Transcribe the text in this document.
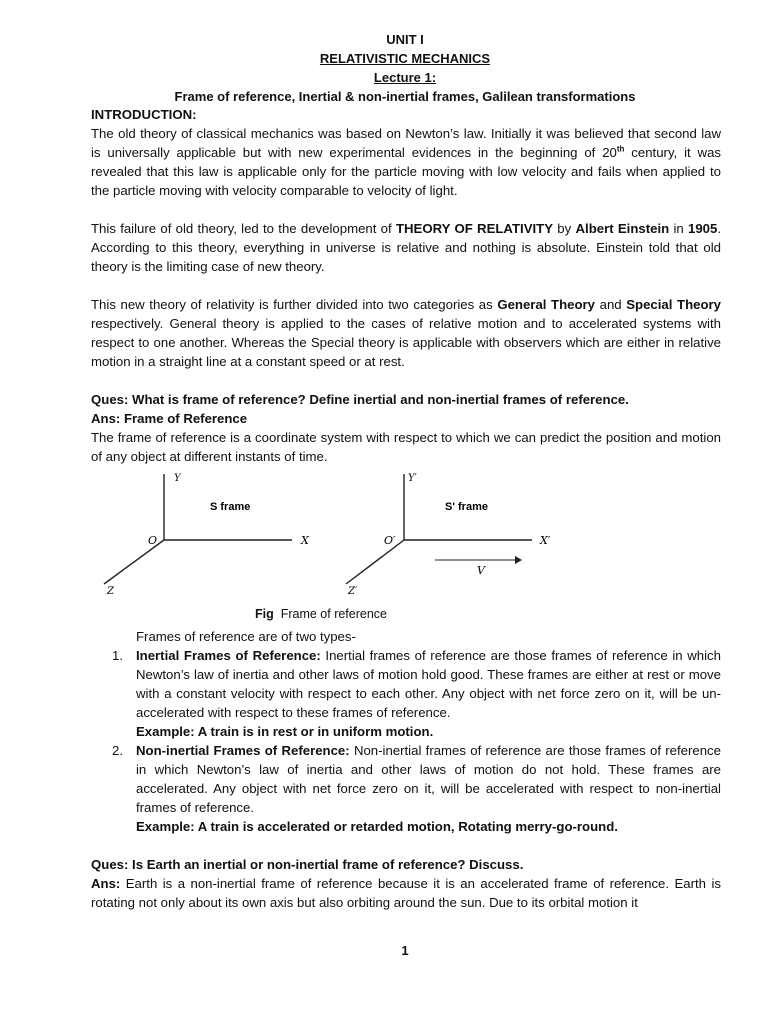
UNIT I
RELATIVISTIC MECHANICS
Lecture 1:
Frame of reference, Inertial & non-inertial frames, Galilean transformations
INTRODUCTION:
The old theory of classical mechanics was based on Newton’s law. Initially it was believed that second law is universally applicable but with new experimental evidences in the beginning of 20th century, it was revealed that this law is applicable only for the particle moving with low velocity and fails when applied to the particle moving with velocity comparable to velocity of light.
This failure of old theory, led to the development of THEORY OF RELATIVITY by Albert Einstein in 1905. According to this theory, everything in universe is relative and nothing is absolute. Einstein told that old theory is the limiting case of new theory.
This new theory of relativity is further divided into two categories as General Theory and Special Theory respectively. General theory is applied to the cases of relative motion and to accelerated systems with respect to one another. Whereas the Special theory is applicable with observers which are either in relative motion in a straight line at a constant speed or at rest.
Ques: What is frame of reference? Define inertial and non-inertial frames of reference.
Ans: Frame of Reference
The frame of reference is a coordinate system with respect to which we can predict the position and motion of any object at different instants of time.
Y
X
Z
O
S frame
Y′
X′
Z′
O′
S' frame
V
Fig Frame of reference
Frames of reference are of two types-
1. Inertial Frames of Reference: Inertial frames of reference are those frames of reference in which Newton’s law of inertia and other laws of motion hold good. These frames are either at rest or move with a constant velocity with respect to each other. Any object with net force zero on it, will be un-accelerated with respect to these frames of reference.
Example: A train is in rest or in uniform motion.
2. Non-inertial Frames of Reference: Non-inertial frames of reference are those frames of reference in which Newton’s law of inertia and other laws of motion do not hold. These frames are accelerated. Any object with net force zero on it, will be accelerated with respect to non-inertial frames of reference.
Example: A train is accelerated or retarded motion, Rotating merry-go-round.
Ques: Is Earth an inertial or non-inertial frame of reference? Discuss.
Ans: Earth is a non-inertial frame of reference because it is an accelerated frame of reference. Earth is rotating not only about its own axis but also orbiting around the sun. Due to its orbital motion it
1
